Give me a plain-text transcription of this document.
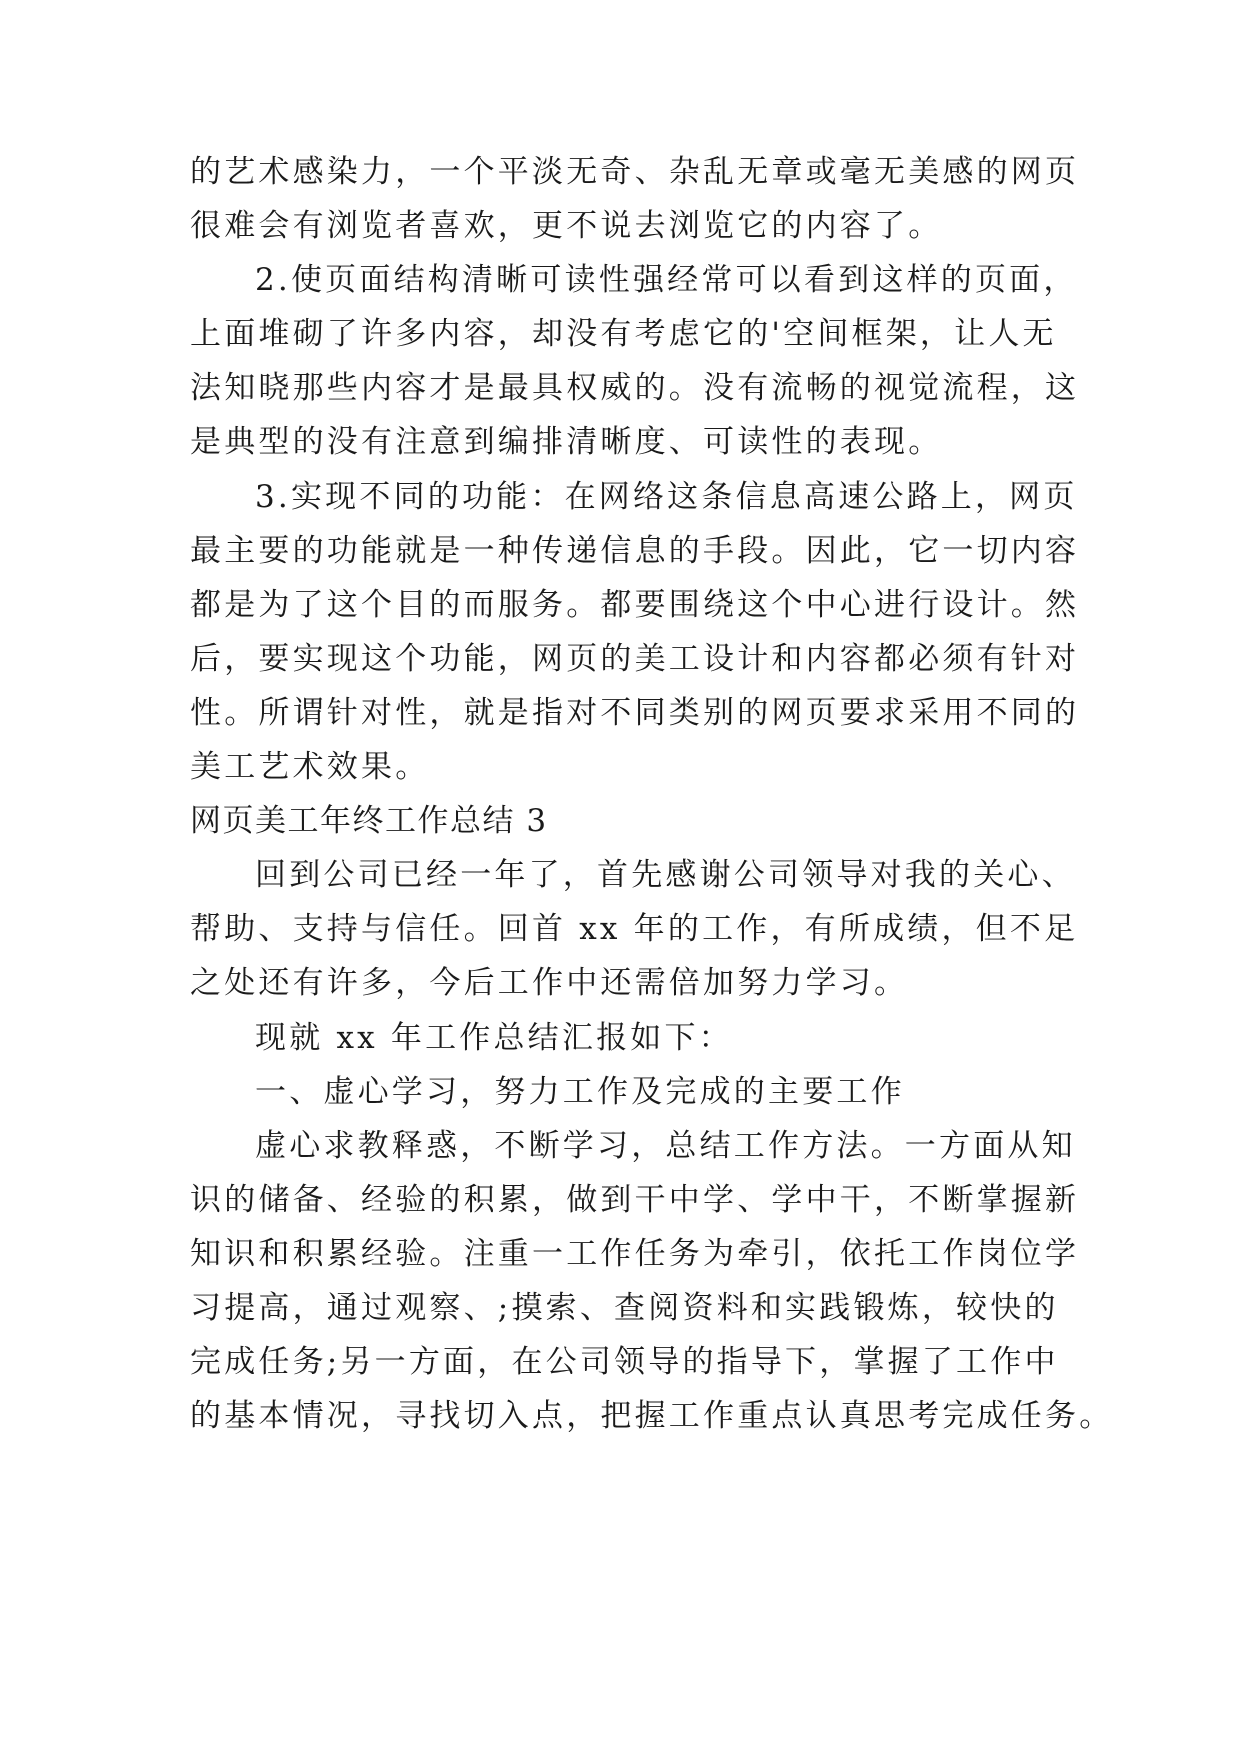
的艺术感染力，一个平淡无奇、杂乱无章或毫无美感的网页
很难会有浏览者喜欢，更不说去浏览它的内容了。
2.使页面结构清晰可读性强经常可以看到这样的页面，
上面堆砌了许多内容，却没有考虑它的'空间框架，让人无
法知晓那些内容才是最具权威的。没有流畅的视觉流程，这
是典型的没有注意到编排清晰度、可读性的表现。
3.实现不同的功能：在网络这条信息高速公路上，网页
最主要的功能就是一种传递信息的手段。因此，它一切内容
都是为了这个目的而服务。都要围绕这个中心进行设计。然
后，要实现这个功能，网页的美工设计和内容都必须有针对
性。所谓针对性，就是指对不同类别的网页要求采用不同的
美工艺术效果。
网页美工年终工作总结 3
回到公司已经一年了，首先感谢公司领导对我的关心、
帮助、支持与信任。回首 xx 年的工作，有所成绩，但不足
之处还有许多，今后工作中还需倍加努力学习。
现就 xx 年工作总结汇报如下：
一、虚心学习，努力工作及完成的主要工作
虚心求教释惑，不断学习，总结工作方法。一方面从知
识的储备、经验的积累，做到干中学、学中干，不断掌握新
知识和积累经验。注重一工作任务为牵引，依托工作岗位学
习提高，通过观察、;摸索、查阅资料和实践锻炼，较快的
完成任务;另一方面，在公司领导的指导下，掌握了工作中
的基本情况，寻找切入点，把握工作重点认真思考完成任务。
